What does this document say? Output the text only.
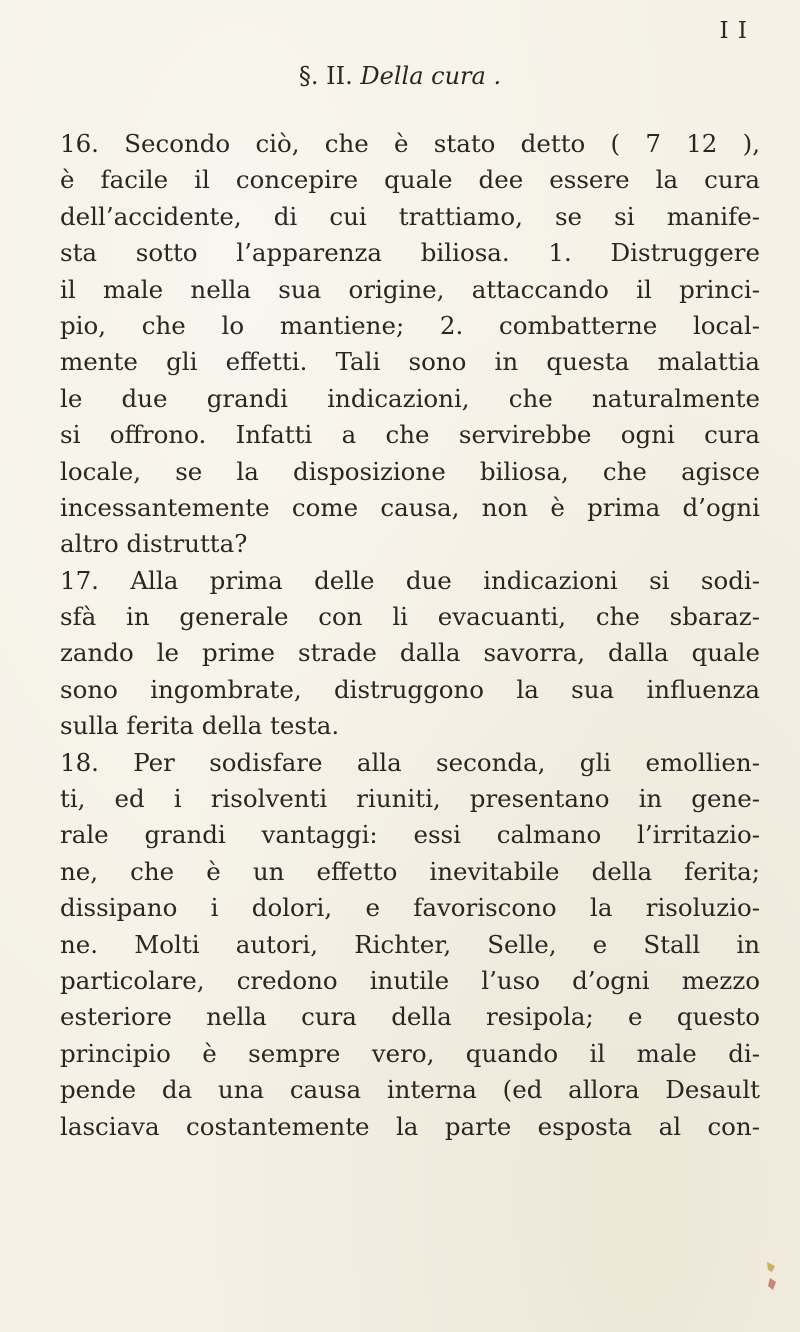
I I
§. II. Della cura .
16. Secondo ciò, che è stato detto ( 7 12 ),
è facile il concepire quale dee essere la cura
dell’accidente, di cui trattiamo, se si manife-
sta sotto l’apparenza biliosa. 1. Distruggere
il male nella sua origine, attaccando il princi-
pio, che lo mantiene; 2. combatterne local-
mente gli effetti. Tali sono in questa malattia
le due grandi indicazioni, che naturalmente
si offrono. Infatti a che servirebbe ogni cura
locale, se la disposizione biliosa, che agisce
incessantemente come causa, non è prima d’ogni
altro distrutta?
17. Alla prima delle due indicazioni si sodi-
sfà in generale con li evacuanti, che sbaraz-
zando le prime strade dalla savorra, dalla quale
sono ingombrate, distruggono la sua influenza
sulla ferita della testa.
18. Per sodisfare alla seconda, gli emollien-
ti, ed i risolventi riuniti, presentano in gene-
rale grandi vantaggi: essi calmano l’irritazio-
ne, che è un effetto inevitabile della ferita;
dissipano i dolori, e favoriscono la risoluzio-
ne. Molti autori, Richter, Selle, e Stall in
particolare, credono inutile l’uso d’ogni mezzo
esteriore nella cura della resipola; e questo
principio è sempre vero, quando il male di-
pende da una causa interna (ed allora Desault
lasciava costantemente la parte esposta al con-
